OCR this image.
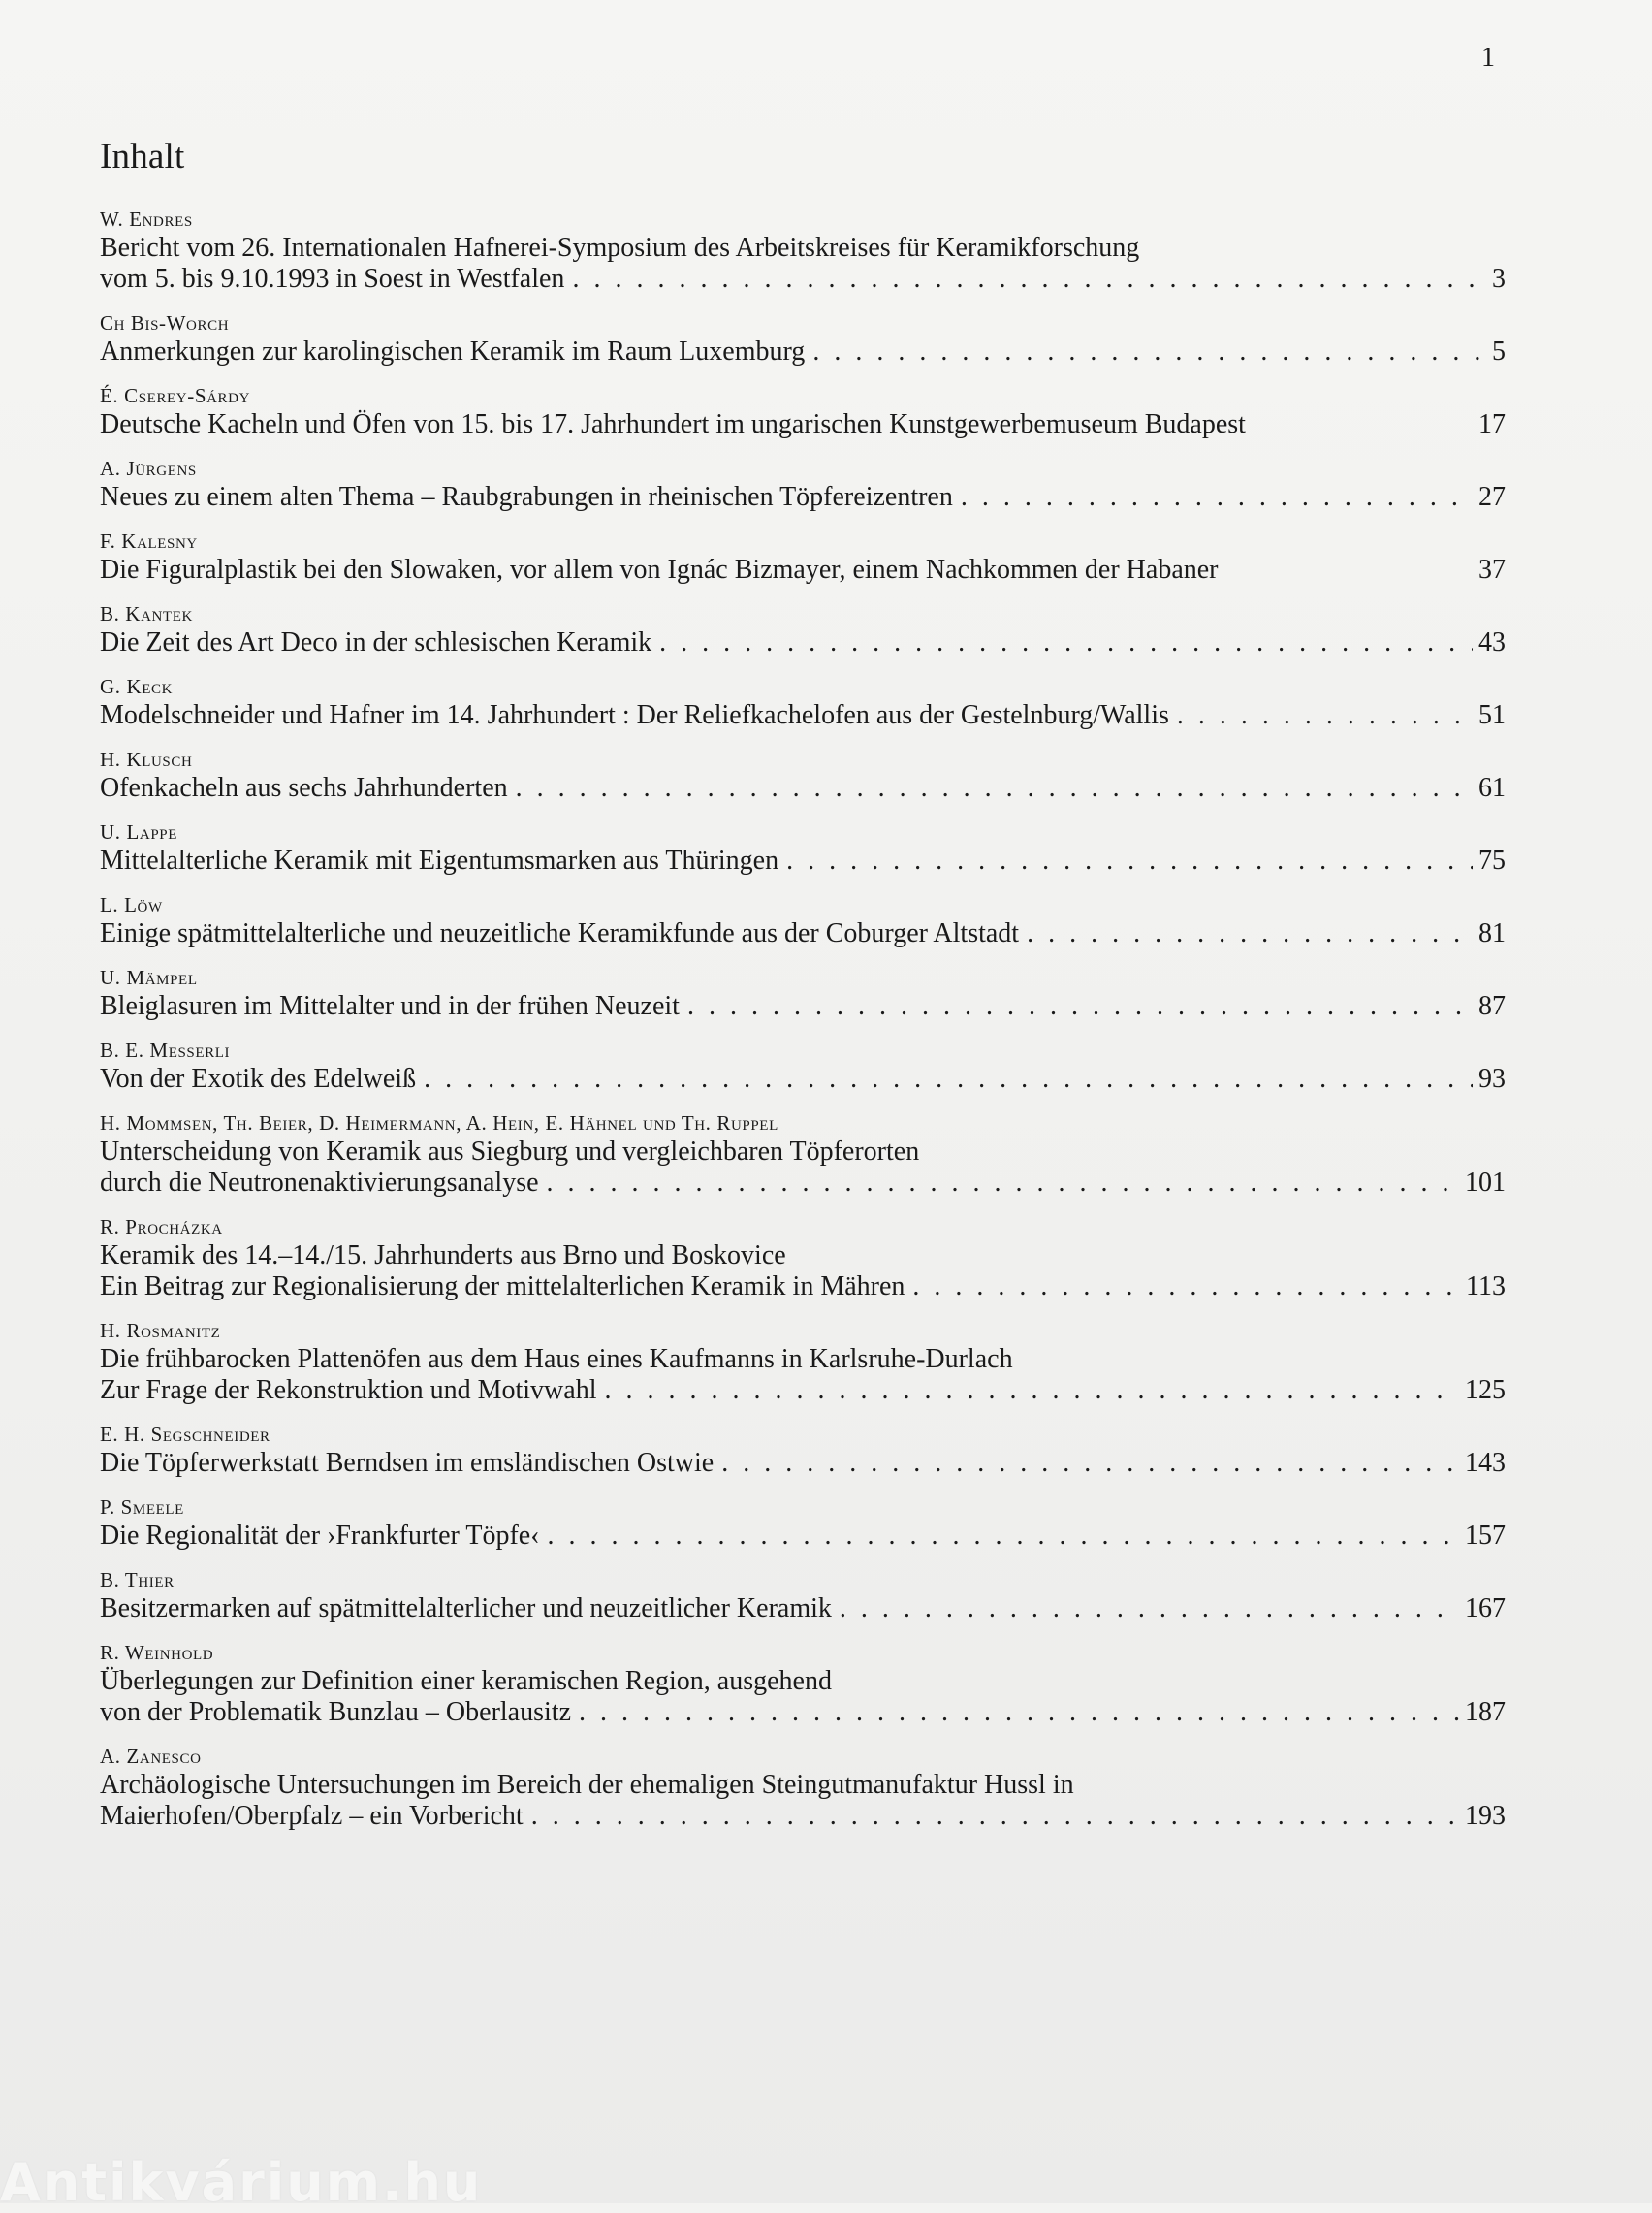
1
Inhalt
W. Endres
Bericht vom 26. Internationalen Hafnerei-Symposium des Arbeitskreises für Keramikforschung
vom 5. bis 9.10.1993 in Soest in Westfalen . . .	3
Ch Bis-Worch
Anmerkungen zur karolingischen Keramik im Raum Luxemburg . . .	5
É. Cserey-Sárdy
Deutsche Kacheln und Öfen von 15. bis 17. Jahrhundert im ungarischen Kunstgewerbemuseum Budapest	17
A. Jürgens
Neues zu einem alten Thema – Raubgrabungen in rheinischen Töpfereizentren . . .	27
F. Kalesny
Die Figuralplastik bei den Slowaken, vor allem von Ignác Bizmayer, einem Nachkommen der Habaner	37
B. Kantek
Die Zeit des Art Deco in der schlesischen Keramik . . .	43
G. Keck
Modelschneider und Hafner im 14. Jahrhundert : Der Reliefkachelofen aus der Gestelnburg/Wallis . . .	51
H. Klusch
Ofenkacheln aus sechs Jahrhunderten . . .	61
U. Lappe
Mittelalterliche Keramik mit Eigentumsmarken aus Thüringen . . .	75
L. Löw
Einige spätmittelalterliche und neuzeitliche Keramikfunde aus der Coburger Altstadt . . .	81
U. Mämpel
Bleiglasuren im Mittelalter und in der frühen Neuzeit . . .	87
B. E. Messerli
Von der Exotik des Edelweiß . . .	93
H. Mommsen, Th. Beier, D. Heimermann, A. Hein, E. Hähnel und Th. Ruppel
Unterscheidung von Keramik aus Siegburg und vergleichbaren Töpferorten
durch die Neutronenaktivierungsanalyse . . .	101
R. Procházka
Keramik des 14.–14./15. Jahrhunderts aus Brno und Boskovice
Ein Beitrag zur Regionalisierung der mittelalterlichen Keramik in Mähren . . .	113
H. Rosmanitz
Die frühbarocken Plattenöfen aus dem Haus eines Kaufmanns in Karlsruhe-Durlach
Zur Frage der Rekonstruktion und Motivwahl . . .	125
E. H. Segschneider
Die Töpferwerkstatt Berndsen im emsländischen Ostwie . . .	143
P. Smeele
Die Regionalität der ›Frankfurter Töpfe‹ . . .	157
B. Thier
Besitzermarken auf spätmittelalterlicher und neuzeitlicher Keramik . . .	167
R. Weinhold
Überlegungen zur Definition einer keramischen Region, ausgehend
von der Problematik Bunzlau – Oberlausitz . . .	187
A. Zanesco
Archäologische Untersuchungen im Bereich der ehemaligen Steingutmanufaktur Hussl in
Maierhofen/Oberpfalz – ein Vorbericht . . .	193
Antikvárium.hu
